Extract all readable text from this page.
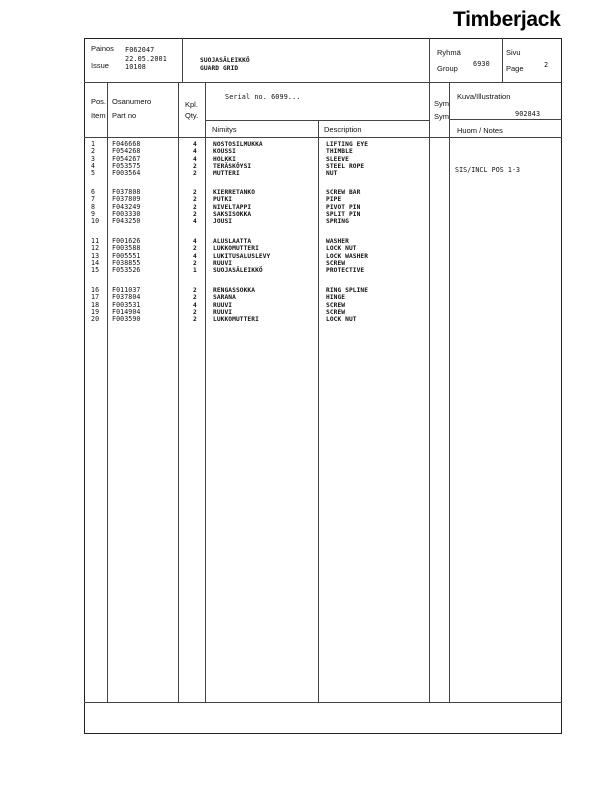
Timberjack
Painos
Issue
F062047
22.05.2001
10108
SUOJASÄLEIKKÖ
GUARD GRID
Ryhmä
Group 6930
Sivu
Page	2
Pos.
Item
Osanumero
Part no
Kpl.
Qty.
Serial no. 6099...
Nimitys	Description
Sym
Sym
Kuva/Illustration
902843
Huom / Notes
1	F046668	4	NOSTOSILMUKKA	LIFTING EYE
2	F054268	4	KOUSSI	THIMBLE
3	F054267	4	HOLKKI	SLEEVE
4	F053575	2	TERÄSKÖYSI	STEEL ROPE	SIS/INCL POS 1-3
5	F003564	2	MUTTERI	NUT
6	F037808	2	KIERRETANKO	SCREW BAR
7	F037809	2	PUTKI	PIPE
8	F043249	2	NIVELTAPPI	PIVOT PIN
9	F003330	2	SAKSISOKKA	SPLIT PIN
10 F043250	4	JOUSI	SPRING
11 F001626	4	ALUSLAATTA	WASHER
12 F003588	2	LUKKOMUTTERI	LOCK NUT
13 F005551	4	LUKITUSALUSLEVY	LOCK WASHER
14 F038855	2	RUUVI	SCREW
15 F053526	1	SUOJASÄLEIKKÖ	PROTECTIVE
16 F011037	2	RENGASSOKKA	RING SPLINE
17 F037804	2	SARANA	HINGE
18 F003531	4	RUUVI	SCREW
19 F014904	2	RUUVI	SCREW
20 F003590	2	LUKKOMUTTERI	LOCK NUT
